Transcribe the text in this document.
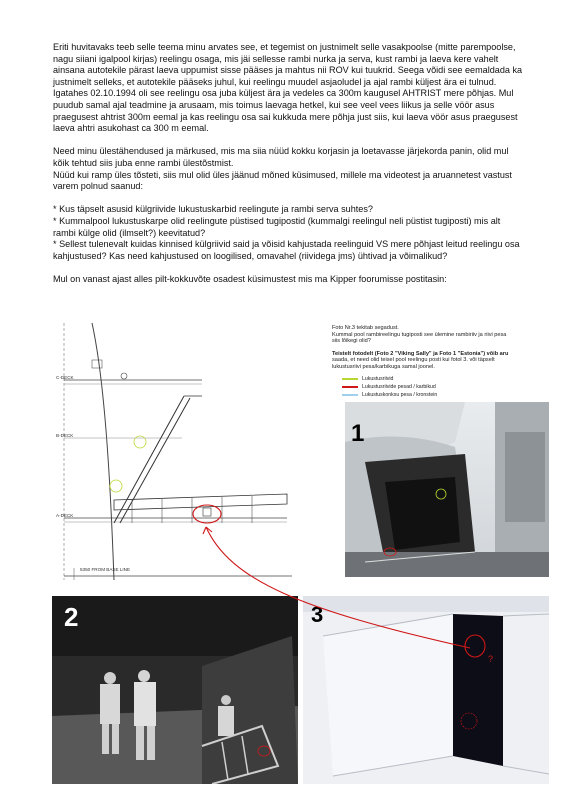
Eriti huvitavaks teeb selle teema minu arvates see, et tegemist on justnimelt selle vasakpoolse (mitte parempoolse, nagu siiani igalpool kirjas) reelingu osaga, mis jäi sellesse rambi nurka ja serva, kust rambi ja laeva kere vahelt ainsana autotekile pärast laeva uppumist sisse pääses ja mahtus nii ROV kui tuukrid. Seega võidi see eemaldada ka justnimelt selleks, et autotekile pääseks juhul, kui reelingu muudel asjaoludel ja ajal rambi küljest ära ei tulnud. Igatahes 02.10.1994 oli see reelingu osa juba küljest ära ja vedeles ca 300m kaugusel AHTRIST mere põhjas. Mul puudub samal ajal teadmine ja arusaam, mis toimus laevaga hetkel, kui see veel vees liikus ja selle vöör asus praegusest ahtrist 300m eemal ja kas reelingu osa sai kukkuda mere põhja just siis, kui laeva vöör asus praegusest laeva ahtri asukohast ca 300 m eemal.

Need minu ülestähendused ja märkused, mis ma siia nüüd kokku korjasin ja loetavasse järjekorda panin, olid mul kõik tehtud siis juba enne rambi ülestõstmist.

Nüüd kui ramp üles tõsteti, siis mul olid üles jäänud mõned küsimused, millele ma videotest ja aruannetest vastust varem polnud saanud:

* Kus täpselt asusid külgriivide lukustuskarbid reelingute ja rambi serva suhtes?

* Kummalpool lukustuskarpe olid reelingute püstised tugipostid (kummalgi reelingul neli püstist tugiposti) mis alt rambi külge olid (ilmselt?) keevitatud?

* Sellest tulenevalt kuidas kinnised külgriivid said ja võisid kahjustada reelinguid VS mere põhjast leitud reelingu osa kahjustused? Kas need kahjustused on loogilised, omavahel (riividega jms) ühtivad ja võimalikud?

Mul on vanast ajast alles pilt-kokkuvõte osadest küsimustest mis ma Kipper foorumisse postitasin:

C-DECK
B-DECK
A-DECK
5350 FROM BASE LINE
Foto Nr.3 tekitab segadust.
Kummal pool rambireelingu tugiposti see ülemine rambiriiv ja riivi pesa
siis lõikegi olid?
Teistelt fotodelt (Foto 2 "Viking Sally" ja Foto 1 "Estonia") võib aru
saada, et need olid teisel pool reelingu posti kui fotol 3. või täpselt
lukustusriivi pesa/karbikuga samal joonel.
Lukustusriivid
Lukustusriivide pesad / karbikud
Lukustuskonksu pesa / kronstein
1
2	3
?
